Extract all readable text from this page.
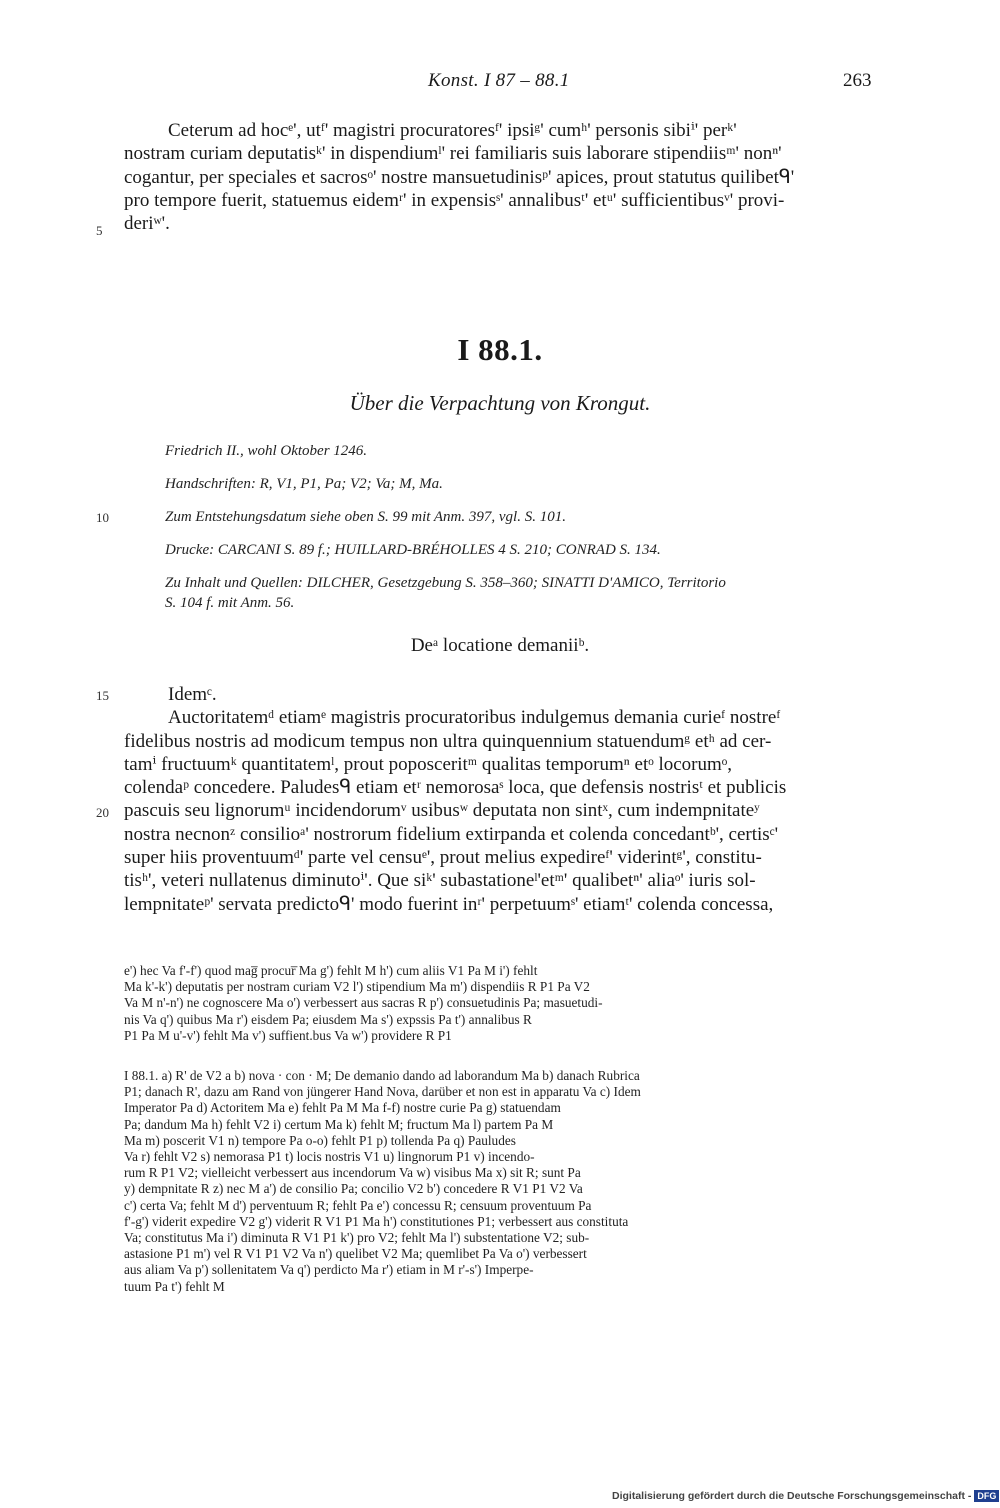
Konst. I 87 – 88.1	263
Ceterum ad hocᵉ', utᶠ' magistri procuratoresᶠ' ipsiᵍ' cumʰ' personis sibiⁱ' perᵏ'
nostram curiam deputatisᵏ' in dispendiumˡ' rei familiaris suis laborare stipendiisᵐ' nonⁿ'
cogantur, per speciales et sacrosᵒ' nostre mansuetudinisᵖ' apices, prout statutus quilibetᑫ'
pro tempore fuerit, statuemus eidemʳ' in expensisˢ' annalibusᵗ' etᵘ' sufficientibusᵛ' provi-
deriʷ'.
5
I 88.1.
Über die Verpachtung von Krongut.
Friedrich II., wohl Oktober 1246.
Handschriften: R, V1, P1, Pa; V2; Va; M, Ma.
Zum Entstehungsdatum siehe oben S. 99 mit Anm. 397, vgl. S. 101.
10
Drucke: CARCANI S. 89 f.; HUILLARD-BRÉHOLLES 4 S. 210; CONRAD S. 134.
Zu Inhalt und Quellen: DILCHER, Gesetzgebung S. 358–360; SINATTI D'AMICO, Territorio
S. 104 f. mit Anm. 56.
Deᵃ locatione demaniiᵇ.
15
20
Idemᶜ.
Auctoritatemᵈ etiamᵉ magistris procuratoribus indulgemus demania curieᶠ nostreᶠ
fidelibus nostris ad modicum tempus non ultra quinquennium statuendumᵍ etʰ ad cer-
tamⁱ fructuumᵏ quantitatemˡ, prout poposceritᵐ qualitas temporumⁿ etᵒ locorumᵒ,
colendaᵖ concedere. Paludesᑫ etiam etʳ nemorosaˢ loca, que defensis nostrisᵗ et publicis
pascuis seu lignorumᵘ incidendorumᵛ usibusʷ deputata non sintˣ, cum indempnitateʸ
nostra necnonᶻ consilioᵃ' nostrorum fidelium extirpanda et colenda concedantᵇ', certisᶜ'
super hiis proventuumᵈ' parte vel censuᵉ', prout melius expedireᶠ' viderintᵍ', constitu-
tisʰ', veteri nullatenus diminutoⁱ'. Que siᵏ' subastationeˡ'etᵐ' qualibetⁿ' aliaᵒ' iuris sol-
lempnitateᵖ' servata predictoᑫ' modo fuerint inʳ' perpetuumˢ' etiamᵗ' colenda concessa,
e') hec Va f'-f') quod mag̅ procur̅ Ma g') fehlt M h') cum aliis V1 Pa M i') fehlt
Ma k'-k') deputatis per nostram curiam V2 l') stipendium Ma m') dispendiis R P1 Pa V2
Va M n'-n') ne cognoscere Ma o') verbessert aus sacras R p') consuetudinis Pa; masuetudi-
nis Va q') quibus Ma r') eisdem Pa; eiusdem Ma s') expssis Pa t') annalibus R
P1 Pa M u'-v') fehlt Ma v') suffient.bus Va w') providere R P1
I 88.1. a) R' de V2 a b) nova · con · M; De demanio dando ad laborandum Ma b) danach Rubrica
P1; danach R', dazu am Rand von jüngerer Hand Nova, darüber et non est in apparatu Va c) Idem
Imperator Pa d) Actoritem Ma e) fehlt Pa M Ma f-f) nostre curie Pa g) statuendam
Pa; dandum Ma h) fehlt V2 i) certum Ma k) fehlt M; fructum Ma l) partem Pa M
Ma m) poscerit V1 n) tempore Pa o-o) fehlt P1 p) tollenda Pa q) Pauludes
Va r) fehlt V2 s) nemorasa P1 t) locis nostris V1 u) lingnorum P1 v) incendo-
rum R P1 V2; vielleicht verbessert aus incendorum Va w) visibus Ma x) sit R; sunt Pa
y) dempnitate R z) nec M a') de consilio Pa; concilio V2 b') concedere R V1 P1 V2 Va
c') certa Va; fehlt M d') perventuum R; fehlt Pa e') concessu R; censuum proventuum Pa
f'-g') viderit expedire V2 g') viderit R V1 P1 Ma h') constitutiones P1; verbessert aus constituta
Va; constitutus Ma i') diminuta R V1 P1 k') pro V2; fehlt Ma l') substentatione V2; sub-
astasione P1 m') vel R V1 P1 V2 Va n') quelibet V2 Ma; quemlibet Pa Va o') verbessert
aus aliam Va p') sollenitatem Va q') perdicto Ma r') etiam in M r'-s') Imperpe-
tuum Pa t') fehlt M
Digitalisierung gefördert durch die Deutsche Forschungsgemeinschaft - DFG
